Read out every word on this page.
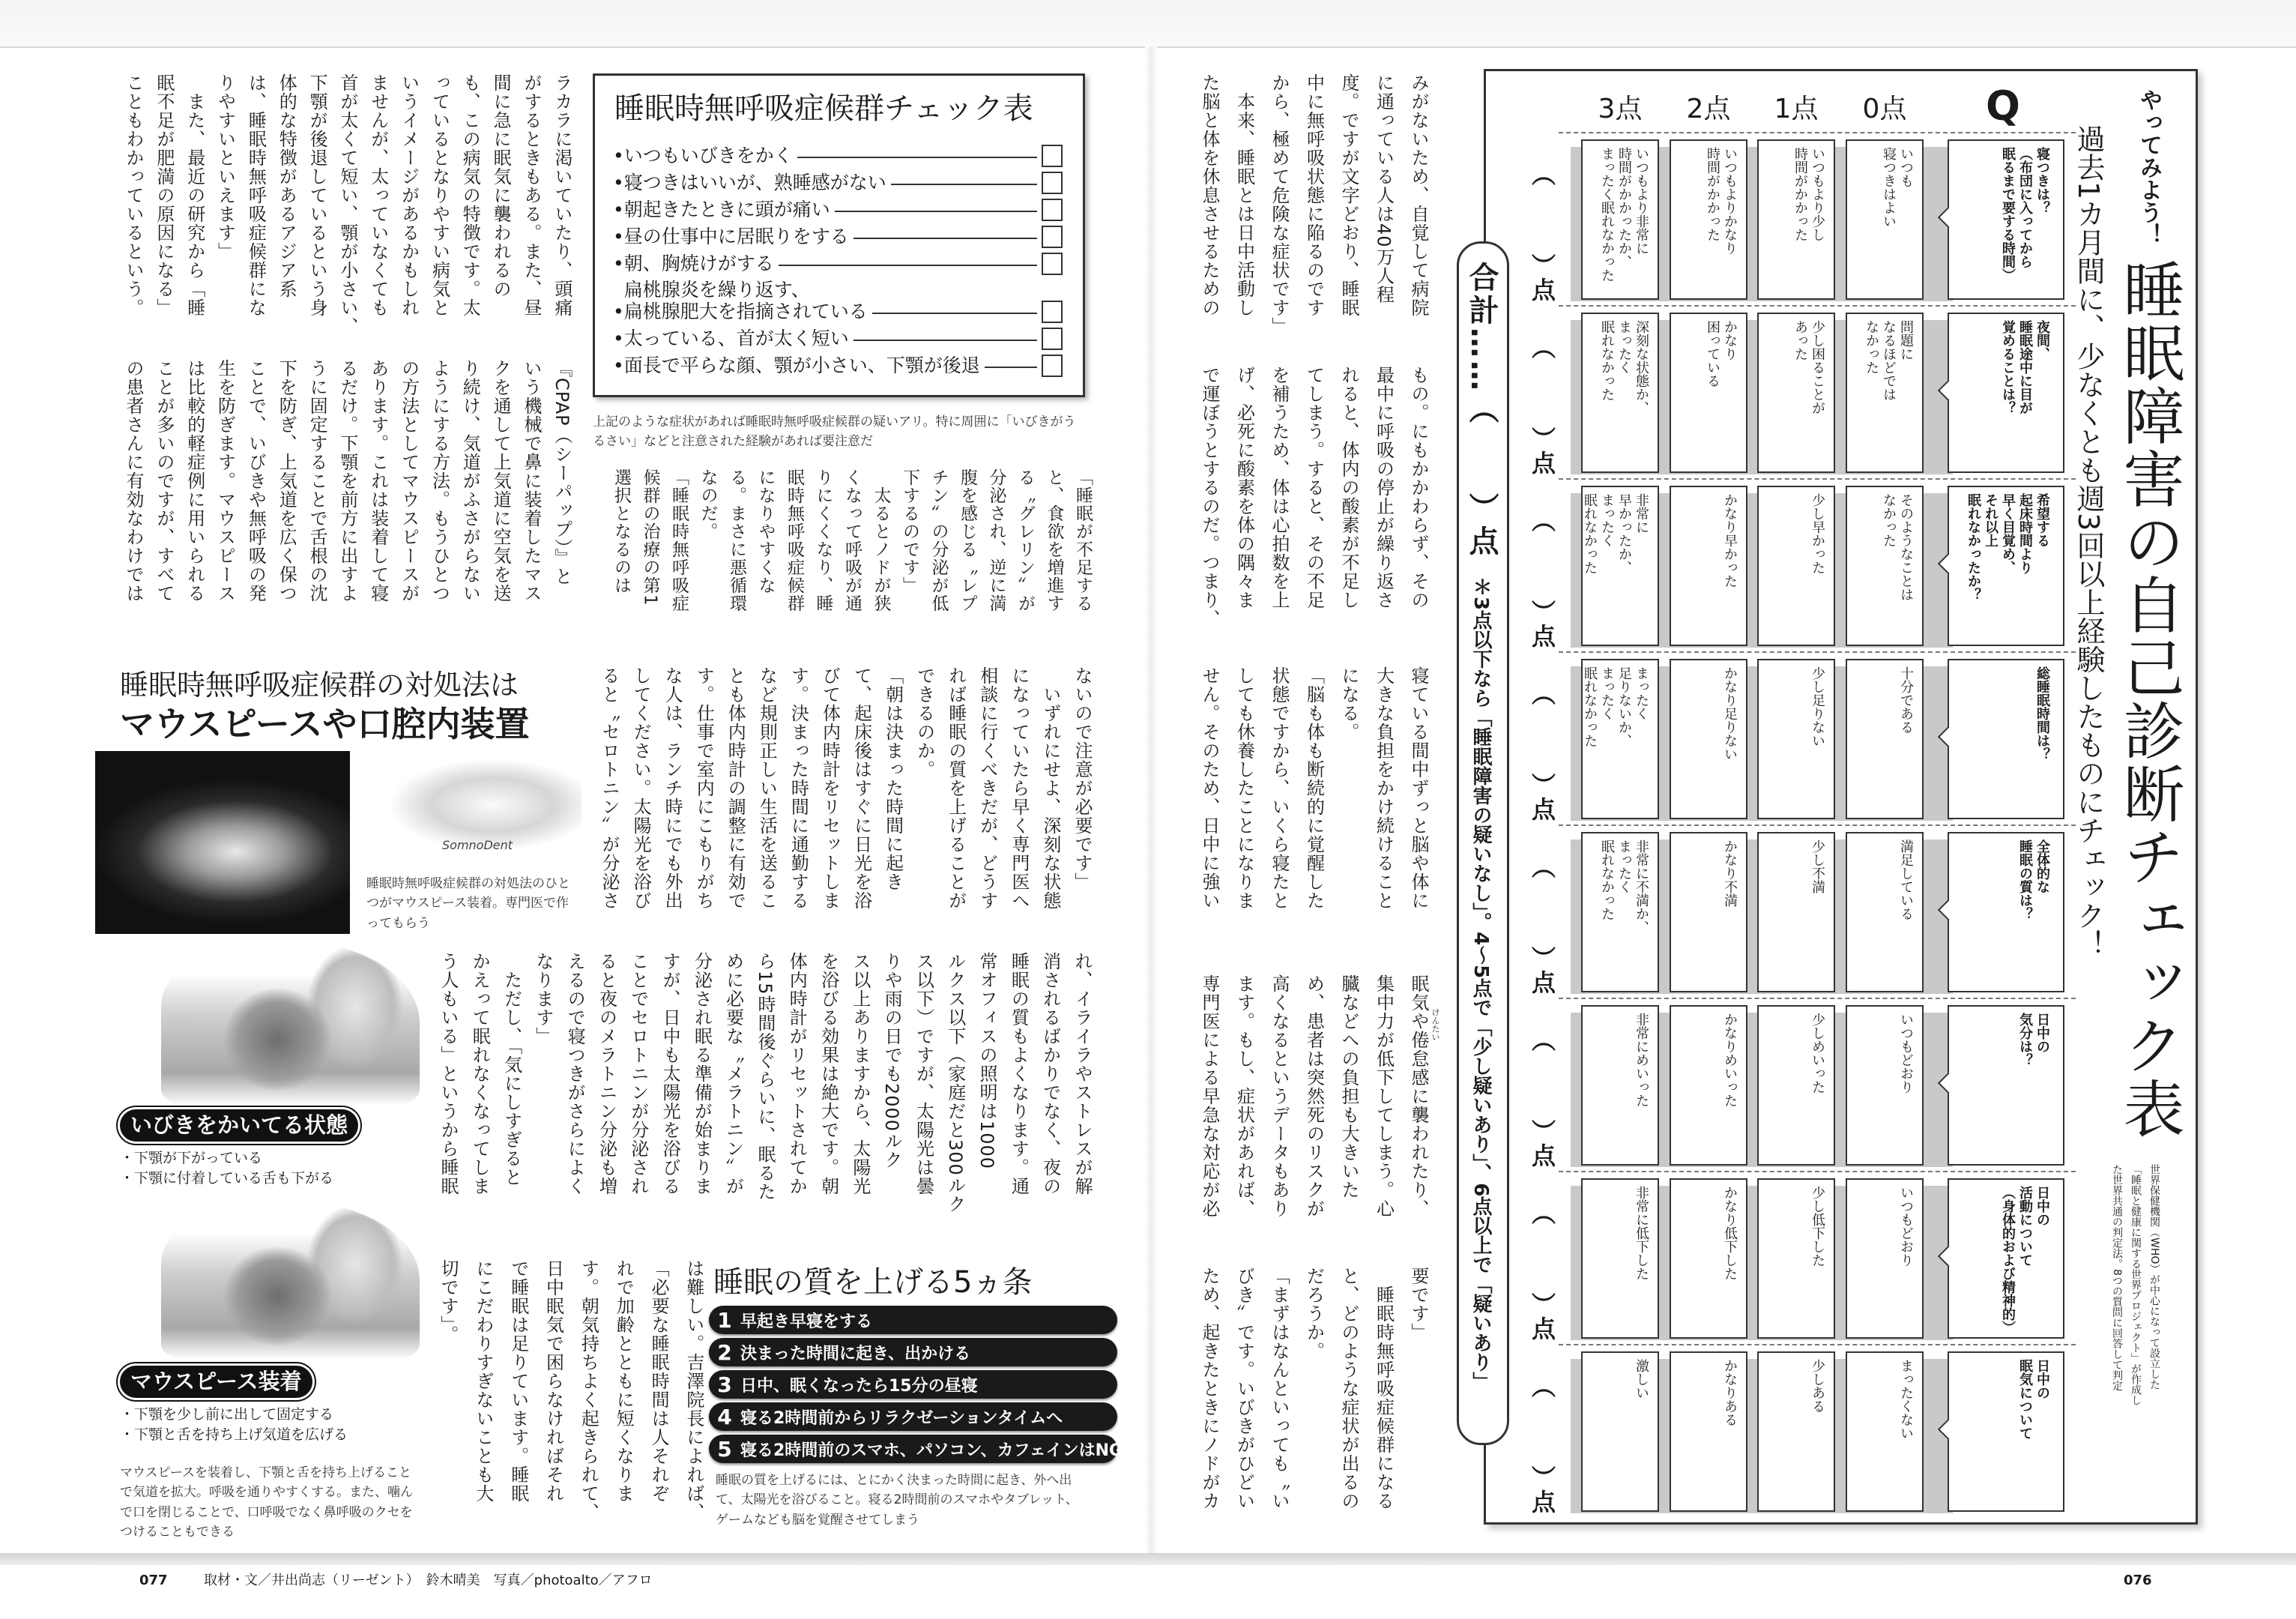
ラカラに渇いていたり、頭痛
がするときもある。また、昼
間に急に眠気に襲われるの
も、この病気の特徴です。太
っているとなりやすい病気と
いうイメージがあるかもしれ
ませんが、太っていなくても
首が太くて短い、顎が小さい、
下顎が後退しているという身
体的な特徴があるアジア系
は、睡眠時無呼吸症候群にな
りやすいといえます」
　また、最近の研究から「睡
眠不足が肥満の原因になる」
こともわかっているという。	睡眠時無呼吸症候群チェック表
• いつもいびきをかく
• 寝つきはいいが、熟睡感がない
• 朝起きたときに頭が痛い
• 昼の仕事中に居眠りをする
• 朝、胸焼けがする
•
扁桃腺炎を繰り返す、
扁桃腺肥大を指摘されている
• 太っている、首が太く短い
• 面長で平らな顔、顎が小さい、下顎が後退
上記のような症状があれば睡眠時無呼吸症候群の疑いアリ。特に周囲に「いびきがうるさい」などと注意された経験があれば要注意だ
「睡眠が不足する
と、食欲を増進す
る〝グレリン〟が
分泌され、逆に満
腹を感じる〝レプ
チン〟の分泌が低
下するのです」
　太るとノドが狭
くなって呼吸が通
りにくくなり、睡
眠時無呼吸症候群
になりやすくな
る。まさに悪循環
なのだ。
「睡眠時無呼吸症
候群の治療の第1
選択となるのは
『CPAP（シーパップ）』と
いう機械で鼻に装着したマス
クを通して上気道に空気を送
り続け、気道がふさがらない
ようにする方法。もうひとつ
の方法としてマウスピースが
あります。これは装着して寝
るだけ。下顎を前方に出すよ
うに固定することで舌根の沈
下を防ぎ、上気道を広く保つ
ことで、いびきや無呼吸の発
生を防ぎます。マウスピース
は比較的軽症例に用いられる
ことが多いのですが、すべて
の患者さんに有効なわけでは
睡眠時無呼吸症候群の対処法は
マウスピースや口腔内装置
SomnoDent
睡眠時無呼吸症候群の対処法のひとつがマウスピース装着。専門医で作ってもらう
ないので注意が必要です」
　いずれにせよ、深刻な状態
になっていたら早く専門医へ
相談に行くべきだが、どうす
れば睡眠の質を上げることが
できるのか。
「朝は決まった時間に起き
て、起床後はすぐに日光を浴
びて体内時計をリセットしま
す。決まった時間に通勤する
など規則正しい生活を送るこ
とも体内時計の調整に有効で
す。仕事で室内にこもりがち
な人は、ランチ時にでも外出
してください。太陽光を浴び
ると〝セロトニン〟が分泌さ
れ、イライラやストレスが解
消されるばかりでなく、夜の
睡眠の質もよくなります。通
常オフィスの照明は1000
ルクス以下（家庭だと300ルク
ス以下）ですが、太陽光は曇
りや雨の日でも2000ルク
ス以上ありますから、太陽光
を浴びる効果は絶大です。朝
体内時計がリセットされてか
ら15時間後ぐらいに、眠るた
めに必要な〝メラトニン〟が
分泌され眠る準備が始まりま
すが、日中も太陽光を浴びる
ことでセロトニンが分泌され
ると夜のメラトニン分泌も増
えるので寝つきがさらによく
なります」
　ただし、「気にしすぎると
かえって眠れなくなってしま
う人もいる」というから睡眠
いびきをかいてる状態
・下顎が下がっている
・下顎に付着している舌も下がる
マウスピース装着
・下顎を少し前に出して固定する
・下顎と舌を持ち上げ気道を広げる
マウスピースを装着し、下顎と舌を持ち上げることで気道を拡大。呼吸を通りやすくする。また、噛んで口を閉じることで、口呼吸でなく鼻呼吸のクセをつけることもできる
は難しい。吉澤院長によれば、
「必要な睡眠時間は人それぞ
れで加齢とともに短くなりま
す。朝気持ちよく起きられて、
日中眠気で困らなければそれ
で睡眠は足りています。睡眠
にこだわりすぎないことも大
切です」。	睡眠の質を上げる5ヵ条
1 早起き早寝をする
2 決まった時間に起き、出かける
3 日中、眠くなったら15分の昼寝
4 寝る2時間前からリラクゼーションタイムへ
5 寝る2時間前のスマホ、パソコン、カフェインはNG
睡眠の質を上げるには、とにかく決まった時間に起き、外へ出て、太陽光を浴びること。寝る2時間前のスマホやタブレット、ゲームなども脳を覚醒させてしまう
077	取材・文／井出尚志（リーゼント）　鈴木晴美　写真／photoalto／アフロ
みがないため、自覚して病院
に通っている人は40万人程
度。ですが文字どおり、睡眠
中に無呼吸状態に陥るのです
から、極めて危険な症状です」
　本来、睡眠とは日中活動し
た脳と体を休息させるための
もの。にもかかわらず、その
最中に呼吸の停止が繰り返さ
れると、体内の酸素が不足し
てしまう。すると、その不足
を補うため、体は心拍数を上
げ、必死に酸素を体の隅々ま
で運ぼうとするのだ。つまり、
寝ている間中ずっと脳や体に
大きな負担をかけ続けること
になる。
「脳も体も断続的に覚醒した
状態ですから、いくら寝たと
しても休養したことになりま
せん。そのため、日中に強い
眠気や倦怠感に襲われたり、
集中力が低下してしまう。心
臓などへの負担も大きいた
め、患者は突然死のリスクが
高くなるというデータもあり
ます。もし、症状があれば、
専門医による早急な対応が必	けんたい
要です」
　睡眠時無呼吸症候群になる
と、どのような症状が出るの
だろうか。
「まずはなんといっても〝い
びき〟です。いびきがひどい
ため、起きたときにノドがカ
やってみよう！
睡眠障害の自己診断チェック表
過去1カ月間に、少なくとも週3回以上経験したものにチェック！
世界保健機関（WHO）が中心になって設立した
「睡眠と健康に関する世界プロジェクト」が作成し
た世界共通の判定法。8つの質問に回答して判定
Q
3点	2点	1点	0点
（
）点
いつもより非常に
時間がかかったか、
まったく眠れなかった	いつもよりかなり
時間がかかった	いつもより少し
時間がかかった	いつも
寝つきはよい	寝つきは？
（布団に入ってから
眠るまで要する時間）
（
）点
深刻な状態か、
まったく
眠れなかった	かなり
困っている	少し困ることが
あった	問題に
なるほどでは
なかった	夜間、
睡眠途中に目が
覚めることは？
（
）点
非常に
早かったか、
まったく
眠れなかった	かなり早かった	少し早かった	そのようなことは
なかった	希望する
起床時間より
早く目覚め、
それ以上
眠れなかったか？
（
）点
まったく
足りないか、
まったく
眠れなかった	かなり足りない	少し足りない	十分である	総睡眠時間は？
（
）点
非常に不満か、
まったく
眠れなかった	かなり不満	少し不満	満足している	全体的な
睡眠の質は？
（
）点
非常にめいった	かなりめいった	少しめいった	いつもどおり	日中の
気分は？
（
）点
非常に低下した	かなり低下した	少し低下した	いつもどおり	日中の
活動について
（身体的および精神的）
（
）点
激しい	かなりある	少しある	まったくない	日中の
眠気について
合計……（　　）点
＊3点以下なら「睡眠障害の疑いなし」。4〜5点で「少し疑いあり」、6点以上で「疑いあり」
076
